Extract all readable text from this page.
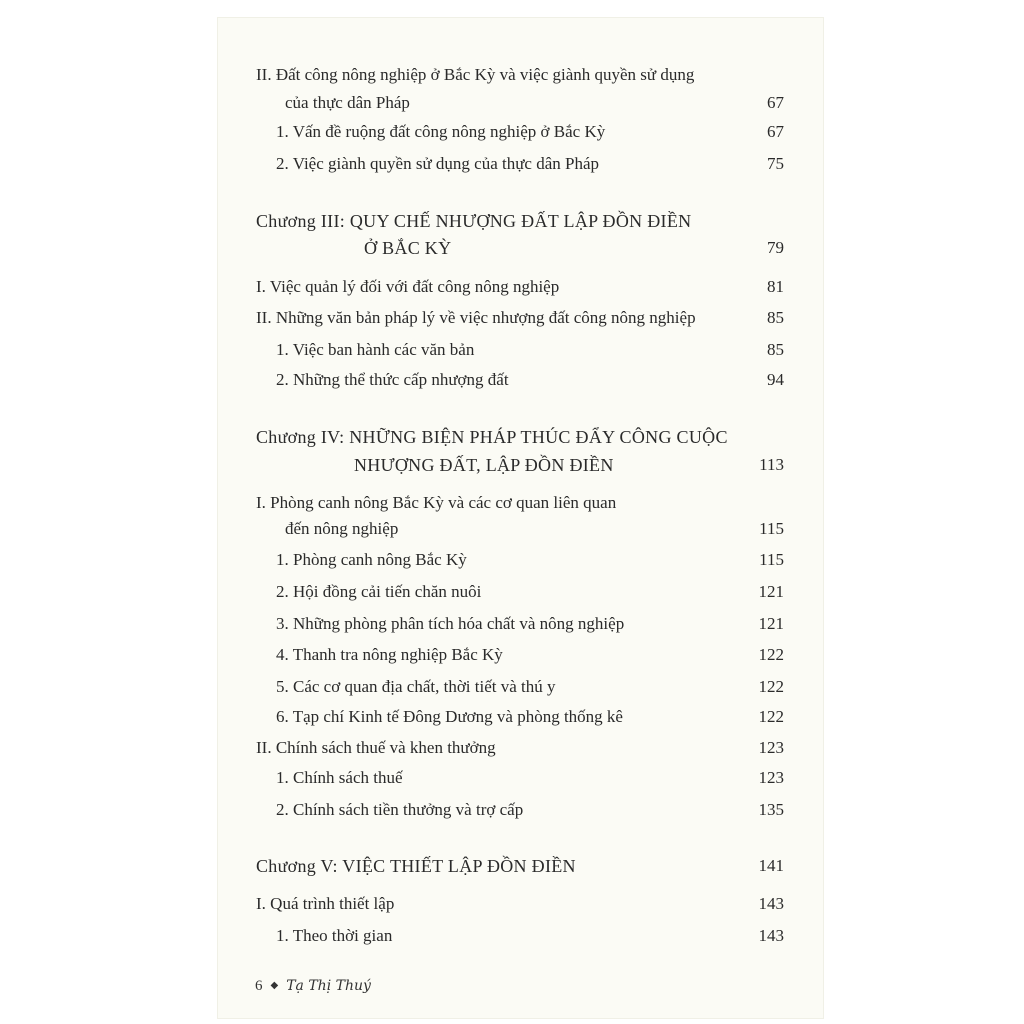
II. Đất công nông nghiệp ở Bắc Kỳ và việc giành quyền sử dụng
của thực dân Pháp	67
1. Vấn đề ruộng đất công nông nghiệp ở Bắc Kỳ	67
2. Việc giành quyền sử dụng của thực dân Pháp	75
Chương III: QUY CHẾ NHƯỢNG ĐẤT LẬP ĐỒN ĐIỀN
Ở BẮC KỲ	79
I. Việc quản lý đối với đất công nông nghiệp	81
II. Những văn bản pháp lý về việc nhượng đất công nông nghiệp	85
1. Việc ban hành các văn bản	85
2. Những thể thức cấp nhượng đất	94
Chương IV: NHỮNG BIỆN PHÁP THÚC ĐẨY CÔNG CUỘC
NHƯỢNG ĐẤT, LẬP ĐỒN ĐIỀN	113
I. Phòng canh nông Bắc Kỳ và các cơ quan liên quan
đến nông nghiệp	115
1. Phòng canh nông Bắc Kỳ	115
2. Hội đồng cải tiến chăn nuôi	121
3. Những phòng phân tích hóa chất và nông nghiệp	121
4. Thanh tra nông nghiệp Bắc Kỳ	122
5. Các cơ quan địa chất, thời tiết và thú y	122
6. Tạp chí Kinh tế Đông Dương và phòng thống kê	122
II. Chính sách thuế và khen thưởng	123
1. Chính sách thuế	123
2. Chính sách tiền thưởng và trợ cấp	135
Chương V: VIỆC THIẾT LẬP ĐỒN ĐIỀN	141
I. Quá trình thiết lập	143
1. Theo thời gian	143
6 ◆ Tạ Thị Thuý
